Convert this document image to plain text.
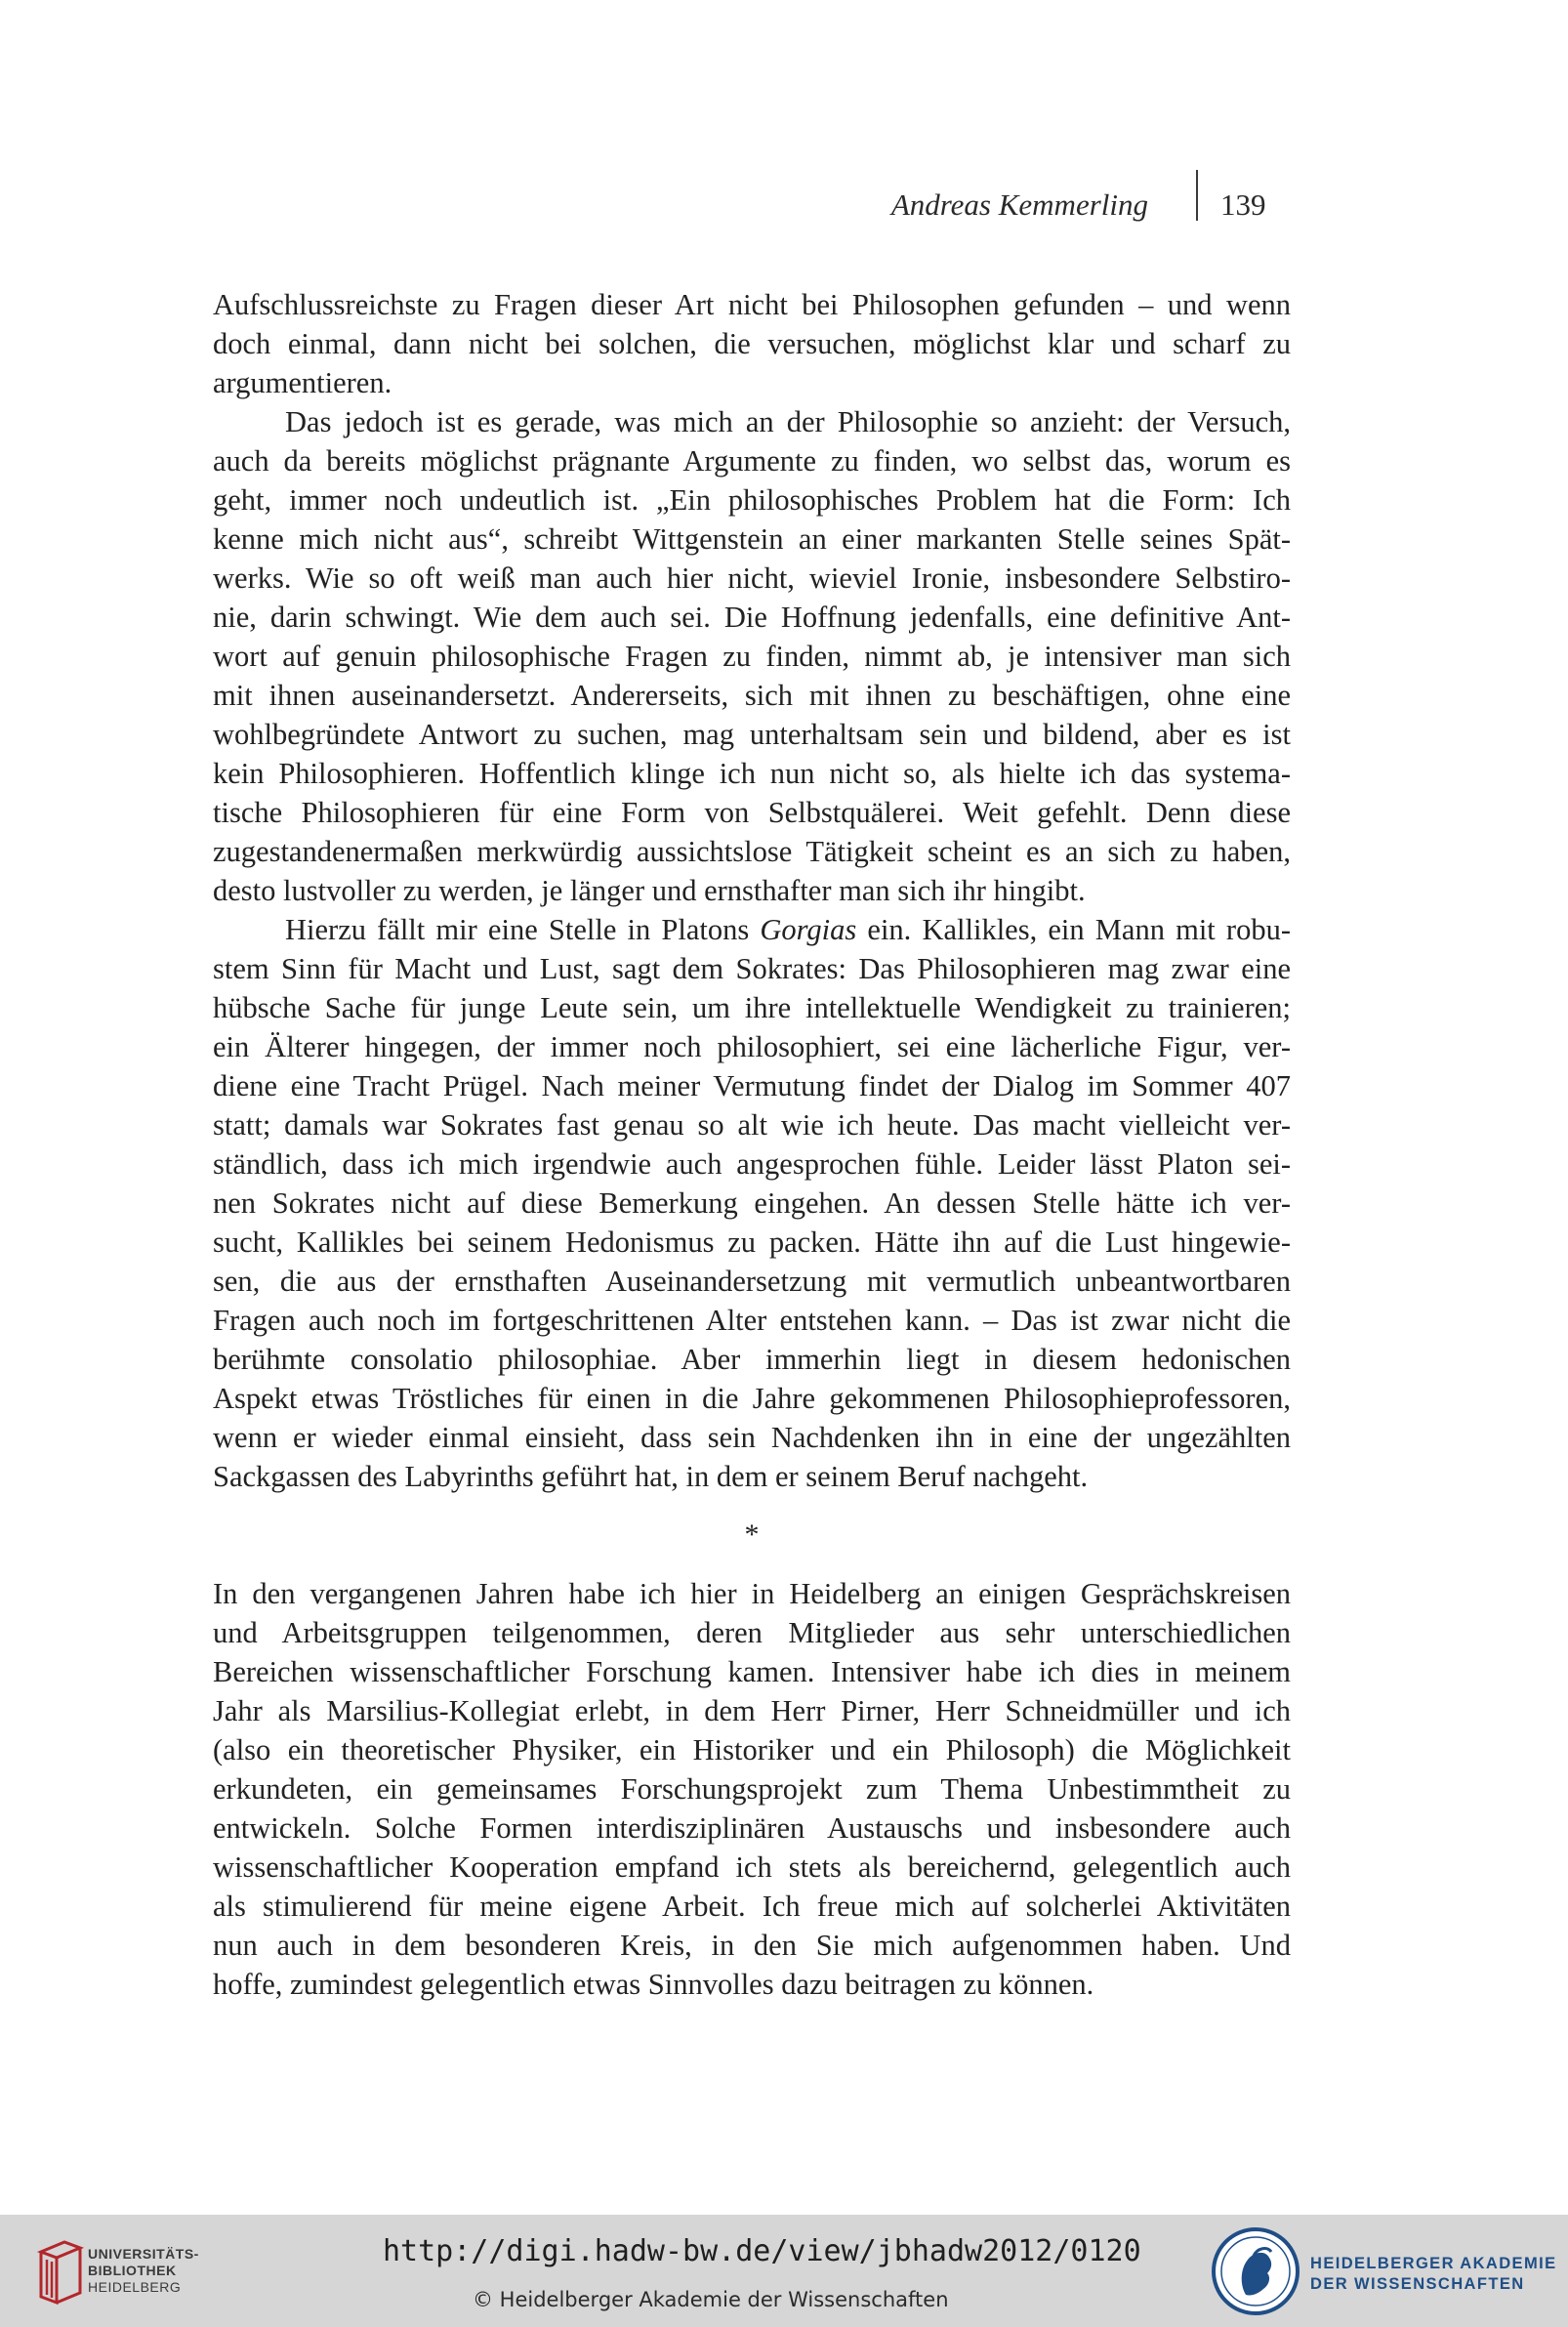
Andreas Kemmerling 139
Aufschlussreichste zu Fragen dieser Art nicht bei Philosophen gefunden – und wenn
doch einmal, dann nicht bei solchen, die versuchen, möglichst klar und scharf zu
argumentieren.
Das jedoch ist es gerade, was mich an der Philosophie so anzieht: der Versuch,
auch da bereits möglichst prägnante Argumente zu finden, wo selbst das, worum es
geht, immer noch undeutlich ist. „Ein philosophisches Problem hat die Form: Ich
kenne mich nicht aus“, schreibt Wittgenstein an einer markanten Stelle seines Spät-
werks. Wie so oft weiß man auch hier nicht, wieviel Ironie, insbesondere Selbstiro-
nie, darin schwingt. Wie dem auch sei. Die Hoffnung jedenfalls, eine definitive Ant-
wort auf genuin philosophische Fragen zu finden, nimmt ab, je intensiver man sich
mit ihnen auseinandersetzt. Andererseits, sich mit ihnen zu beschäftigen, ohne eine
wohlbegründete Antwort zu suchen, mag unterhaltsam sein und bildend, aber es ist
kein Philosophieren. Hoffentlich klinge ich nun nicht so, als hielte ich das systema-
tische Philosophieren für eine Form von Selbstquälerei. Weit gefehlt. Denn diese
zugestandenermaßen merkwürdig aussichtslose Tätigkeit scheint es an sich zu haben,
desto lustvoller zu werden, je länger und ernsthafter man sich ihr hingibt.
Hierzu fällt mir eine Stelle in Platons Gorgias ein. Kallikles, ein Mann mit robu-
stem Sinn für Macht und Lust, sagt dem Sokrates: Das Philosophieren mag zwar eine
hübsche Sache für junge Leute sein, um ihre intellektuelle Wendigkeit zu trainieren;
ein Älterer hingegen, der immer noch philosophiert, sei eine lächerliche Figur, ver-
diene eine Tracht Prügel. Nach meiner Vermutung findet der Dialog im Sommer 407
statt; damals war Sokrates fast genau so alt wie ich heute. Das macht vielleicht ver-
ständlich, dass ich mich irgendwie auch angesprochen fühle. Leider lässt Platon sei-
nen Sokrates nicht auf diese Bemerkung eingehen. An dessen Stelle hätte ich ver-
sucht, Kallikles bei seinem Hedonismus zu packen. Hätte ihn auf die Lust hingewie-
sen, die aus der ernsthaften Auseinandersetzung mit vermutlich unbeantwortbaren
Fragen auch noch im fortgeschrittenen Alter entstehen kann. – Das ist zwar nicht die
berühmte consolatio philosophiae. Aber immerhin liegt in diesem hedonischen
Aspekt etwas Tröstliches für einen in die Jahre gekommenen Philosophieprofessoren,
wenn er wieder einmal einsieht, dass sein Nachdenken ihn in eine der ungezählten
Sackgassen des Labyrinths geführt hat, in dem er seinem Beruf nachgeht.
*
In den vergangenen Jahren habe ich hier in Heidelberg an einigen Gesprächskreisen
und Arbeitsgruppen teilgenommen, deren Mitglieder aus sehr unterschiedlichen
Bereichen wissenschaftlicher Forschung kamen. Intensiver habe ich dies in meinem
Jahr als Marsilius-Kollegiat erlebt, in dem Herr Pirner, Herr Schneidmüller und ich
(also ein theoretischer Physiker, ein Historiker und ein Philosoph) die Möglichkeit
erkundeten, ein gemeinsames Forschungsprojekt zum Thema Unbestimmtheit zu
entwickeln. Solche Formen interdisziplinären Austauschs und insbesondere auch
wissenschaftlicher Kooperation empfand ich stets als bereichernd, gelegentlich auch
als stimulierend für meine eigene Arbeit. Ich freue mich auf solcherlei Aktivitäten
nun auch in dem besonderen Kreis, in den Sie mich aufgenommen haben. Und
hoffe, zumindest gelegentlich etwas Sinnvolles dazu beitragen zu können.
UNIVERSITÄTS-
BIBLIOTHEK
HEIDELBERG
http://digi.hadw-bw.de/view/jbhadw2012/0120
© Heidelberger Akademie der Wissenschaften
HEIDELBERGER AKADEMIE
DER WISSENSCHAFTEN
